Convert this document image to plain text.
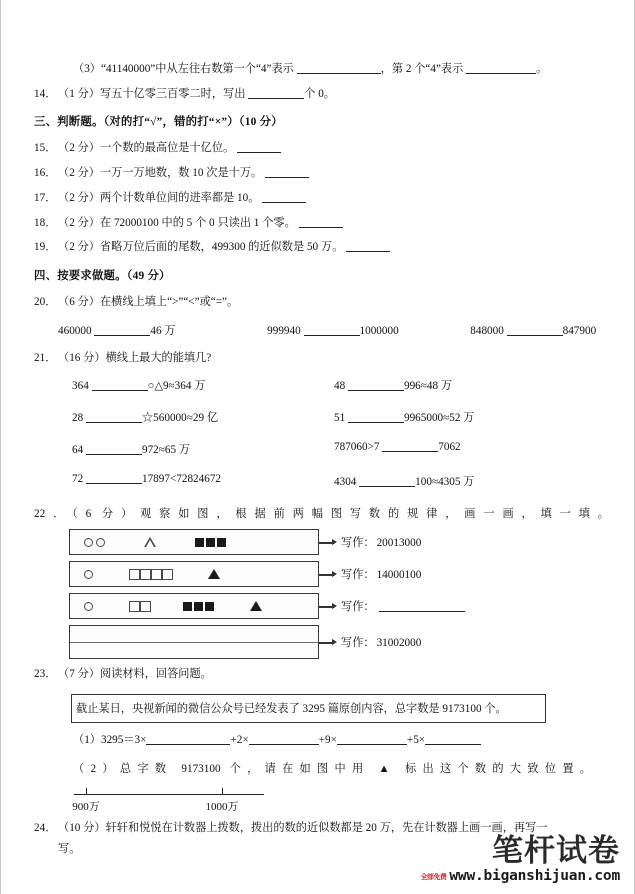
（3）“41140000”中从左往右数第一个“4”表示	，第 2 个“4”表示	。
14． （1 分）写五十亿零三百零二时，写出	个 0。
三、判断题。（对的打“√”，错的打“×”）（10 分）
15． （2 分）一个数的最高位是十亿位。
16． （2 分）一万一万地数，数 10 次是十万。
17． （2 分）两个计数单位间的进率都是 10。
18． （2 分）在 72000100 中的 5 个 0 只读出 1 个零。
19． （2 分）省略万位后面的尾数，499300 的近似数是 50 万。
四、按要求做题。（49 分）
20． （6 分）在横线上填上“>”“<”或“=”。
460000	46 万	999940	1000000	848000	847900
21． （16 分）横线上最大的能填几?
364	○△9≈364 万	48	996≈48 万
28	☆560000≈29 亿	51	9965000≈52 万
64	972≈65 万	787060>7	7062
72	17897<72824672	4304	100≈4305 万
22．（6 分）观察如图，根据前两幅图写数的规律，画一画，填一填。
写作： 20013000
写作： 14000100
写作：
写作： 31002000
23． （7 分）阅读材料，回答问题。
截止某日，央视新闻的微信公众号已经发表了 3295 篇原创内容，总字数是 9173100 个。
（1）3295＝3×	+2×	+9×	+5×
（2）总字数 9173100 个，请在如图中用 ▲ 标出这个数的大致位置。
900万	1000万
24． （10 分）轩轩和悦悦在计数器上拨数，拨出的数的近似数都是 20 万，先在计数器上画一画，再写一
写。	笔杆试卷
全部免费 www.biganshijuan.com
